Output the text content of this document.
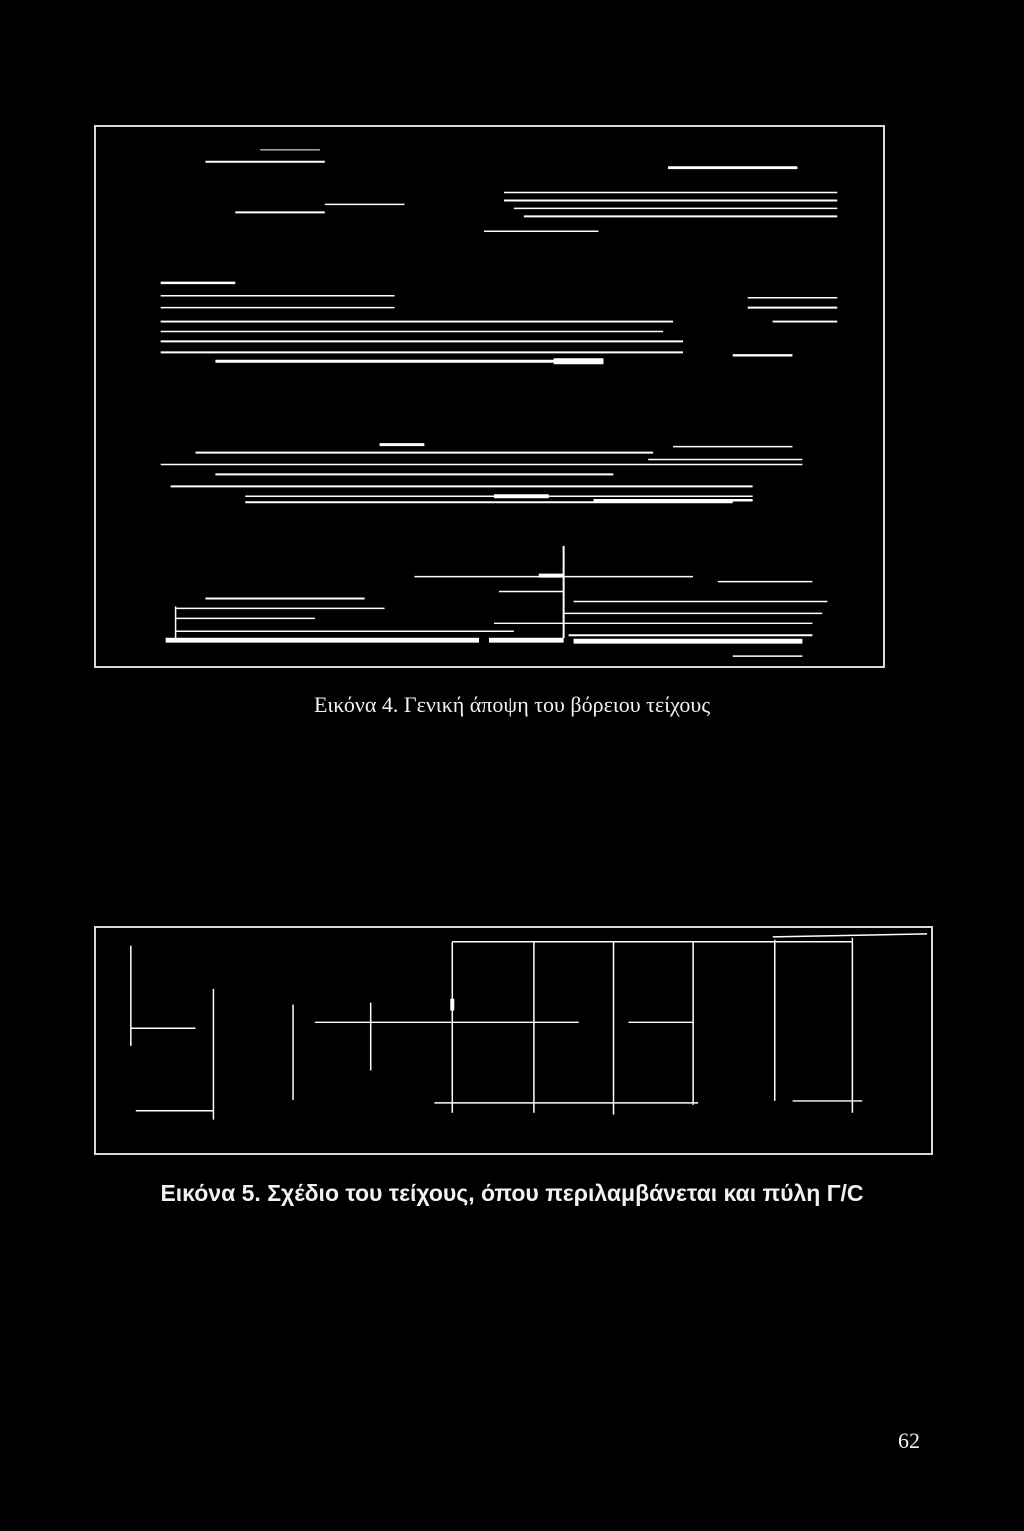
Εικόνα 4. Γενική άποψη του βόρειου τείχους
Εικόνα 5. Σχέδιο του τείχους, όπου περιλαμβάνεται και πύλη Γ/C
62
